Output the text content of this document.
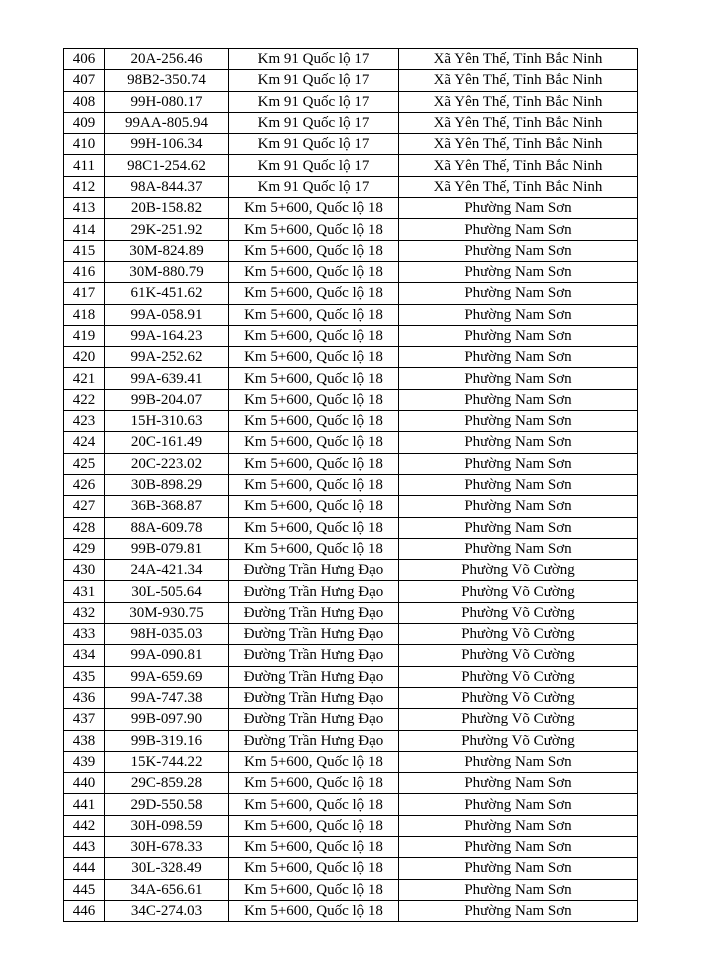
406	20A-256.46	Km 91 Quốc lộ 17	Xã Yên Thế, Tỉnh Bắc Ninh
407	98B2-350.74	Km 91 Quốc lộ 17	Xã Yên Thế, Tỉnh Bắc Ninh
408	99H-080.17	Km 91 Quốc lộ 17	Xã Yên Thế, Tỉnh Bắc Ninh
409	99AA-805.94	Km 91 Quốc lộ 17	Xã Yên Thế, Tỉnh Bắc Ninh
410	99H-106.34	Km 91 Quốc lộ 17	Xã Yên Thế, Tỉnh Bắc Ninh
411	98C1-254.62	Km 91 Quốc lộ 17	Xã Yên Thế, Tỉnh Bắc Ninh
412	98A-844.37	Km 91 Quốc lộ 17	Xã Yên Thế, Tỉnh Bắc Ninh
413	20B-158.82	Km 5+600, Quốc lộ 18	Phường Nam Sơn
414	29K-251.92	Km 5+600, Quốc lộ 18	Phường Nam Sơn
415	30M-824.89	Km 5+600, Quốc lộ 18	Phường Nam Sơn
416	30M-880.79	Km 5+600, Quốc lộ 18	Phường Nam Sơn
417	61K-451.62	Km 5+600, Quốc lộ 18	Phường Nam Sơn
418	99A-058.91	Km 5+600, Quốc lộ 18	Phường Nam Sơn
419	99A-164.23	Km 5+600, Quốc lộ 18	Phường Nam Sơn
420	99A-252.62	Km 5+600, Quốc lộ 18	Phường Nam Sơn
421	99A-639.41	Km 5+600, Quốc lộ 18	Phường Nam Sơn
422	99B-204.07	Km 5+600, Quốc lộ 18	Phường Nam Sơn
423	15H-310.63	Km 5+600, Quốc lộ 18	Phường Nam Sơn
424	20C-161.49	Km 5+600, Quốc lộ 18	Phường Nam Sơn
425	20C-223.02	Km 5+600, Quốc lộ 18	Phường Nam Sơn
426	30B-898.29	Km 5+600, Quốc lộ 18	Phường Nam Sơn
427	36B-368.87	Km 5+600, Quốc lộ 18	Phường Nam Sơn
428	88A-609.78	Km 5+600, Quốc lộ 18	Phường Nam Sơn
429	99B-079.81	Km 5+600, Quốc lộ 18	Phường Nam Sơn
430	24A-421.34	Đường Trần Hưng Đạo	Phường Võ Cường
431	30L-505.64	Đường Trần Hưng Đạo	Phường Võ Cường
432	30M-930.75	Đường Trần Hưng Đạo	Phường Võ Cường
433	98H-035.03	Đường Trần Hưng Đạo	Phường Võ Cường
434	99A-090.81	Đường Trần Hưng Đạo	Phường Võ Cường
435	99A-659.69	Đường Trần Hưng Đạo	Phường Võ Cường
436	99A-747.38	Đường Trần Hưng Đạo	Phường Võ Cường
437	99B-097.90	Đường Trần Hưng Đạo	Phường Võ Cường
438	99B-319.16	Đường Trần Hưng Đạo	Phường Võ Cường
439	15K-744.22	Km 5+600, Quốc lộ 18	Phường Nam Sơn
440	29C-859.28	Km 5+600, Quốc lộ 18	Phường Nam Sơn
441	29D-550.58	Km 5+600, Quốc lộ 18	Phường Nam Sơn
442	30H-098.59	Km 5+600, Quốc lộ 18	Phường Nam Sơn
443	30H-678.33	Km 5+600, Quốc lộ 18	Phường Nam Sơn
444	30L-328.49	Km 5+600, Quốc lộ 18	Phường Nam Sơn
445	34A-656.61	Km 5+600, Quốc lộ 18	Phường Nam Sơn
446	34C-274.03	Km 5+600, Quốc lộ 18	Phường Nam Sơn
